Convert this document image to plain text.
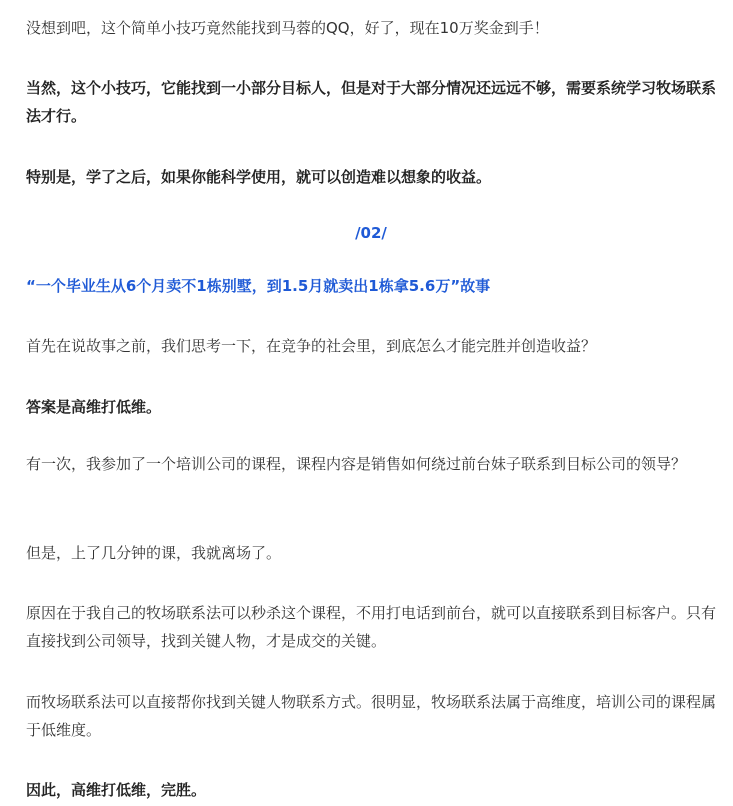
没想到吧，这个简单小技巧竟然能找到马蓉的QQ，好了，现在10万奖金到手！

当然，这个小技巧，它能找到一小部分目标人，但是对于大部分情况还远远不够，需要系统学习牧场联系法才行。

特别是，学了之后，如果你能科学使用，就可以创造难以想象的收益。

/02/

“一个毕业生从6个月卖不1栋别墅，到1.5月就卖出1栋拿5.6万”故事

首先在说故事之前，我们思考一下，在竞争的社会里，到底怎么才能完胜并创造收益？

答案是高维打低维。

有一次，我参加了一个培训公司的课程，课程内容是销售如何绕过前台妹子联系到目标公司的领导？

但是，上了几分钟的课，我就离场了。

原因在于我自己的牧场联系法可以秒杀这个课程，不用打电话到前台，就可以直接联系到目标客户。只有直接找到公司领导，找到关键人物，才是成交的关键。

而牧场联系法可以直接帮你找到关键人物联系方式。很明显，牧场联系法属于高维度，培训公司的课程属于低维度。

因此，高维打低维，完胜。
